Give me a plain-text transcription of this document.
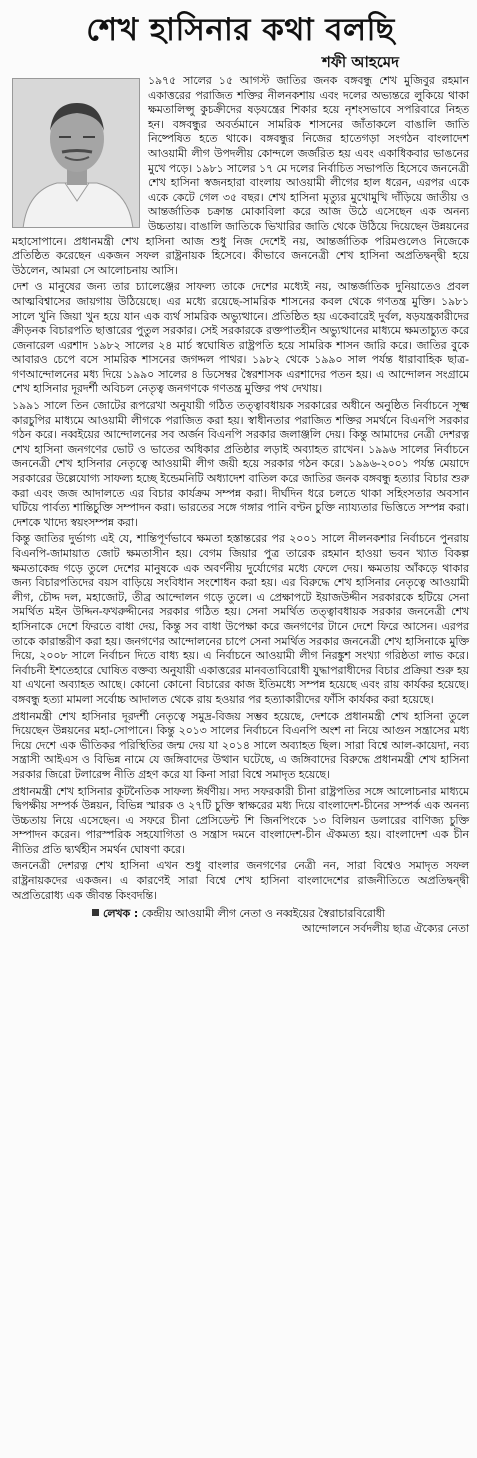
শেখ হাসিনার কথা বলছি
শফী আহমেদ

১৯৭৫ সালের ১৫ আগস্ট জাতির জনক বঙ্গবন্ধু শেখ মুজিবুর রহমান একাত্তরের পরাজিত শক্তির নীলনকশায় এবং দলের অভ্যন্তরে লুকিয়ে থাকা ক্ষমতালিপ্সু কুচক্রীদের ষড়যন্ত্রের শিকার হয়ে নৃশংসভাবে সপরিবারে নিহত হন। বঙ্গবন্ধুর অবর্তমানে সামরিক শাসনের জাঁতাকলে বাঙালি জাতি নিষ্পেষিত হতে থাকে। বঙ্গবন্ধুর নিজের হাতেগড়া সংগঠন বাংলাদেশ আওয়ামী লীগ উপদলীয় কোন্দলে জর্জরিত হয় এবং একাধিকবার ভাঙনের মুখে পড়ে। ১৯৮১ সালের ১৭ মে দলের নির্বাচিত সভাপতি হিসেবে জননেত্রী শেখ হাসিনা স্বজনহারা বাংলায় আওয়ামী লীগের হাল ধরেন, এরপর একে একে কেটে গেল ৩৫ বছর। শেখ হাসিনা মৃত্যুর মুখোমুখি দাঁড়িয়ে জাতীয় ও আন্তর্জাতিক চক্রান্ত মোকাবিলা করে আজ উঠে এসেছেন এক অনন্য উচ্চতায়। বাঙালি জাতিকে ভিখারির জাতি থেকে উঠিয়ে দিয়েছেন উন্নয়নের মহাসোপানে। প্রধানমন্ত্রী শেখ হাসিনা আজ শুধু নিজ দেশেই নয়, আন্তর্জাতিক পরিমণ্ডলেও নিজেকে প্রতিষ্ঠিত করেছেন একজন সফল রাষ্ট্রনায়ক হিসেবে। কীভাবে জননেত্রী শেখ হাসিনা অপ্রতিদ্বন্দ্বী হয়ে উঠলেন, আমরা সে আলোচনায় আসি।

দেশ ও মানুষের জন্য তার চ্যালেঞ্জের সাফল্য তাকে দেশের মধ্যেই নয়, আন্তর্জাতিক দুনিয়াতেও প্রবল আত্মবিশ্বাসের জায়গায় উঠিয়েছে। এর মধ্যে রয়েছে-সামরিক শাসনের কবল থেকে গণতন্ত্র মুক্তি। ১৯৮১ সালে খুনি জিয়া খুন হয়ে যান এক ব্যর্থ সামরিক অভ্যুত্থানে। প্রতিষ্ঠিত হয় একেবারেই দুর্বল, ষড়যন্ত্রকারীদের ক্রীড়নক বিচারপতি ছাত্তারের পুতুল সরকার। সেই সরকারকে রক্তপাতহীন অভ্যুত্থানের মাধ্যমে ক্ষমতাচ্যুত করে জেনারেল এরশাদ ১৯৮২ সালের ২৪ মার্চ স্বঘোষিত রাষ্ট্রপতি হয়ে সামরিক শাসন জারি করে। জাতির বুকে আবারও চেপে বসে সামরিক শাসনের জগদ্দল পাথর। ১৯৮২ থেকে ১৯৯০ সাল পর্যন্ত ধারাবাহিক ছাত্র-গণআন্দোলনের মধ্য দিয়ে ১৯৯০ সালের ৪ ডিসেম্বর স্বৈরশাসক এরশাদের পতন হয়। এ আন্দোলন সংগ্রামে শেখ হাসিনার দূরদর্শী অবিচল নেতৃত্ব জনগণকে গণতন্ত্র মুক্তির পথ দেখায়।

১৯৯১ সালে তিন জোটের রূপরেখা অনুযায়ী গঠিত তত্ত্বাবধায়ক সরকারের অধীনে অনুষ্ঠিত নির্বাচনে সূক্ষ্ম কারচুপির মাধ্যমে আওয়ামী লীগকে পরাজিত করা হয়। স্বাধীনতার পরাজিত শক্তির সমর্থনে বিএনপি সরকার গঠন করে। নব্বইয়ের আন্দোলনের সব অর্জন বিএনপি সরকার জলাঞ্জলি দেয়। কিন্তু আমাদের নেত্রী দেশরত্ন শেখ হাসিনা জনগণের ভোট ও ভাতের অধিকার প্রতিষ্ঠার লড়াই অব্যাহত রাখেন। ১৯৯৬ সালের নির্বাচনে জননেত্রী শেখ হাসিনার নেতৃত্বে আওয়ামী লীগ জয়ী হয়ে সরকার গঠন করে। ১৯৯৬-২০০১ পর্যন্ত মেয়াদে সরকারের উল্লেযোগ্য সাফল্য হচ্ছে ইন্ডেমনিটি অধ্যাদেশ বাতিল করে জাতির জনক বঙ্গবন্ধু হত্যার বিচার শুরু করা এবং জজ আদালতে এর বিচার কার্যক্রম সম্পন্ন করা। দীর্ঘদিন ধরে চলতে থাকা সহিংসতার অবসান ঘটিয়ে পার্বত্য শান্তিচুক্তি সম্পাদন করা। ভারতের সঙ্গে গঙ্গার পানি বণ্টন চুক্তি ন্যায্যতার ভিত্তিতে সম্পন্ন করা। দেশকে খাদ্যে স্বয়ংসম্পন্ন করা।

কিন্তু জাতির দুর্ভাগ্য এই যে, শান্তিপূর্ণভাবে ক্ষমতা হস্তান্তরের পর ২০০১ সালে নীলনকশার নির্বাচনে পুনরায় বিএনপি-জামায়াত জোট ক্ষমতাসীন হয়। বেগম জিয়ার পুত্র তারেক রহমান হাওয়া ভবন খ্যাত বিকল্প ক্ষমতাকেন্দ্র গড়ে তুলে দেশের মানুষকে এক অবর্ণনীয় দুর্যোগের মধ্যে ফেলে দেয়। ক্ষমতায় আঁকড়ে থাকার জন্য বিচারপতিদের বয়স বাড়িয়ে সংবিধান সংশোধন করা হয়। এর বিরুদ্ধে শেখ হাসিনার নেতৃত্বে আওয়ামী লীগ, চৌদ্দ দল, মহাজোট, তীব্র আন্দোলন গড়ে তুলে। এ প্রেক্ষাপটে ইয়াজউদ্দীন সরকারকে হটিয়ে সেনা সমর্থিত মইন উদ্দিন-ফখরুদ্দীনের সরকার গঠিত হয়। সেনা সমর্থিত তত্ত্বাবধায়ক সরকার জননেত্রী শেখ হাসিনাকে দেশে ফিরতে বাধা দেয়, কিন্তু সব বাধা উপেক্ষা করে জনগণের টানে দেশে ফিরে আসেন। এরপর তাকে কারান্তরীণ করা হয়। জনগণের আন্দোলনের চাপে সেনা সমর্থিত সরকার জননেত্রী শেখ হাসিনাকে মুক্তি দিয়ে, ২০০৮ সালে নির্বাচন দিতে বাধ্য হয়। এ নির্বাচনে আওয়ামী লীগ নিরঙ্কুশ সংখ্যা গরিষ্ঠতা লাভ করে। নির্বাচনী ইশতেহারে ঘোষিত বক্তব্য অনুযায়ী একাত্তরের মানবতাবিরোধী যুদ্ধাপরাধীদের বিচার প্রক্রিয়া শুরু হয় যা এখনো অব্যাহত আছে। কোনো কোনো বিচারের কাজ ইতিমধ্যে সম্পন্ন হয়েছে এবং রায় কার্যকর হয়েছে। বঙ্গবন্ধু হত্যা মামলা সর্বোচ্চ আদালত থেকে রায় হওয়ার পর হত্যাকারীদের ফাঁসি কার্যকর করা হয়েছে।

প্রধানমন্ত্রী শেখ হাসিনার দূরদর্শী নেতৃত্বে সমুদ্র-বিজয় সম্ভব হয়েছে, দেশকে প্রধানমন্ত্রী শেখ হাসিনা তুলে দিয়েছেন উন্নয়নের মহা-সোপানে। কিন্তু ২০১৩ সালের নির্বাচনে বিএনপি অংশ না নিয়ে আগুন সন্ত্রাসের মধ্য দিয়ে দেশে এক ভীতিকর পরিস্থিতির জন্ম দেয় যা ২০১৪ সালে অব্যাহত ছিল। সারা বিশ্বে আল-কায়েদা, নব্য সন্ত্রাসী আইএস ও বিভিন্ন নামে যে জঙ্গিবাদের উত্থান ঘটেছে, এ জঙ্গিবাদের বিরুদ্ধে প্রধানমন্ত্রী শেখ হাসিনা সরকার জিরো টলারেন্স নীতি গ্রহণ করে যা কিনা সারা বিশ্বে সমাদৃত হয়েছে।

প্রধানমন্ত্রী শেখ হাসিনার কূটনৈতিক সাফল্য ঈর্ষণীয়। সদ্য সফরকারী চীনা রাষ্ট্রপতির সঙ্গে আলোচনার মাধ্যমে দ্বিপক্ষীয় সম্পর্ক উন্নয়ন, বিভিন্ন স্মারক ও ২৭টি চুক্তি স্বাক্ষরের মধ্য দিয়ে বাংলাদেশ-চীনের সম্পর্ক এক অনন্য উচ্চতায় নিয়ে এসেছেন। এ সফরে চীনা প্রেসিডেন্ট শি জিনপিংকে ১৩ বিলিয়ন ডলারের বাণিজ্য চুক্তি সম্পাদন করেন। পারস্পরিক সহযোগিতা ও সন্ত্রাস দমনে বাংলাদেশ-চীন ঐকমত্য হয়। বাংলাদেশ এক চীন নীতির প্রতি দ্ব্যর্থহীন সমর্থন ঘোষণা করে।

জননেত্রী দেশরত্ন শেখ হাসিনা এখন শুধু বাংলার জনগণের নেত্রী নন, সারা বিশ্বেও সমাদৃত সফল রাষ্ট্রনায়কদের একজন। এ কারণেই সারা বিশ্বে শেখ হাসিনা বাংলাদেশের রাজনীতিতে অপ্রতিদ্বন্দ্বী অপ্রতিরোধ্য এক জীবন্ত কিংবদন্তি।

লেখক : কেন্দ্রীয় আওয়ামী লীগ নেতা ও নব্বইয়ের স্বৈরাচারবিরোধী
আন্দোলনে সর্বদলীয় ছাত্র ঐক্যের নেতা
